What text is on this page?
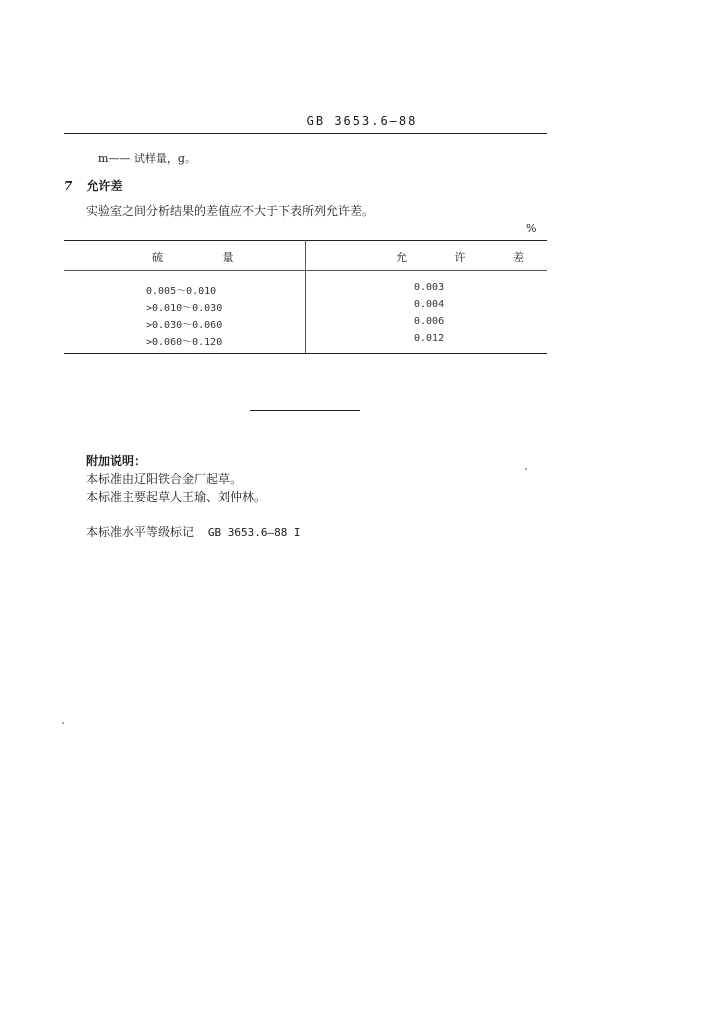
GB 3653.6—88
m—— 试样量，g。
7 允许差
实验室之间分析结果的差值应不大于下表所列允许差。
%
硫 量	允 许 差
0.005～0.010	0.003
>0.010～0.030	0.004
>0.030～0.060	0.006
>0.060～0.120	0.012
附加说明：
本标准由辽阳铁合金厂起草。
本标准主要起草人王瑜、刘仲林。
本标准水平等级标记 GB 3653.6—88 I
